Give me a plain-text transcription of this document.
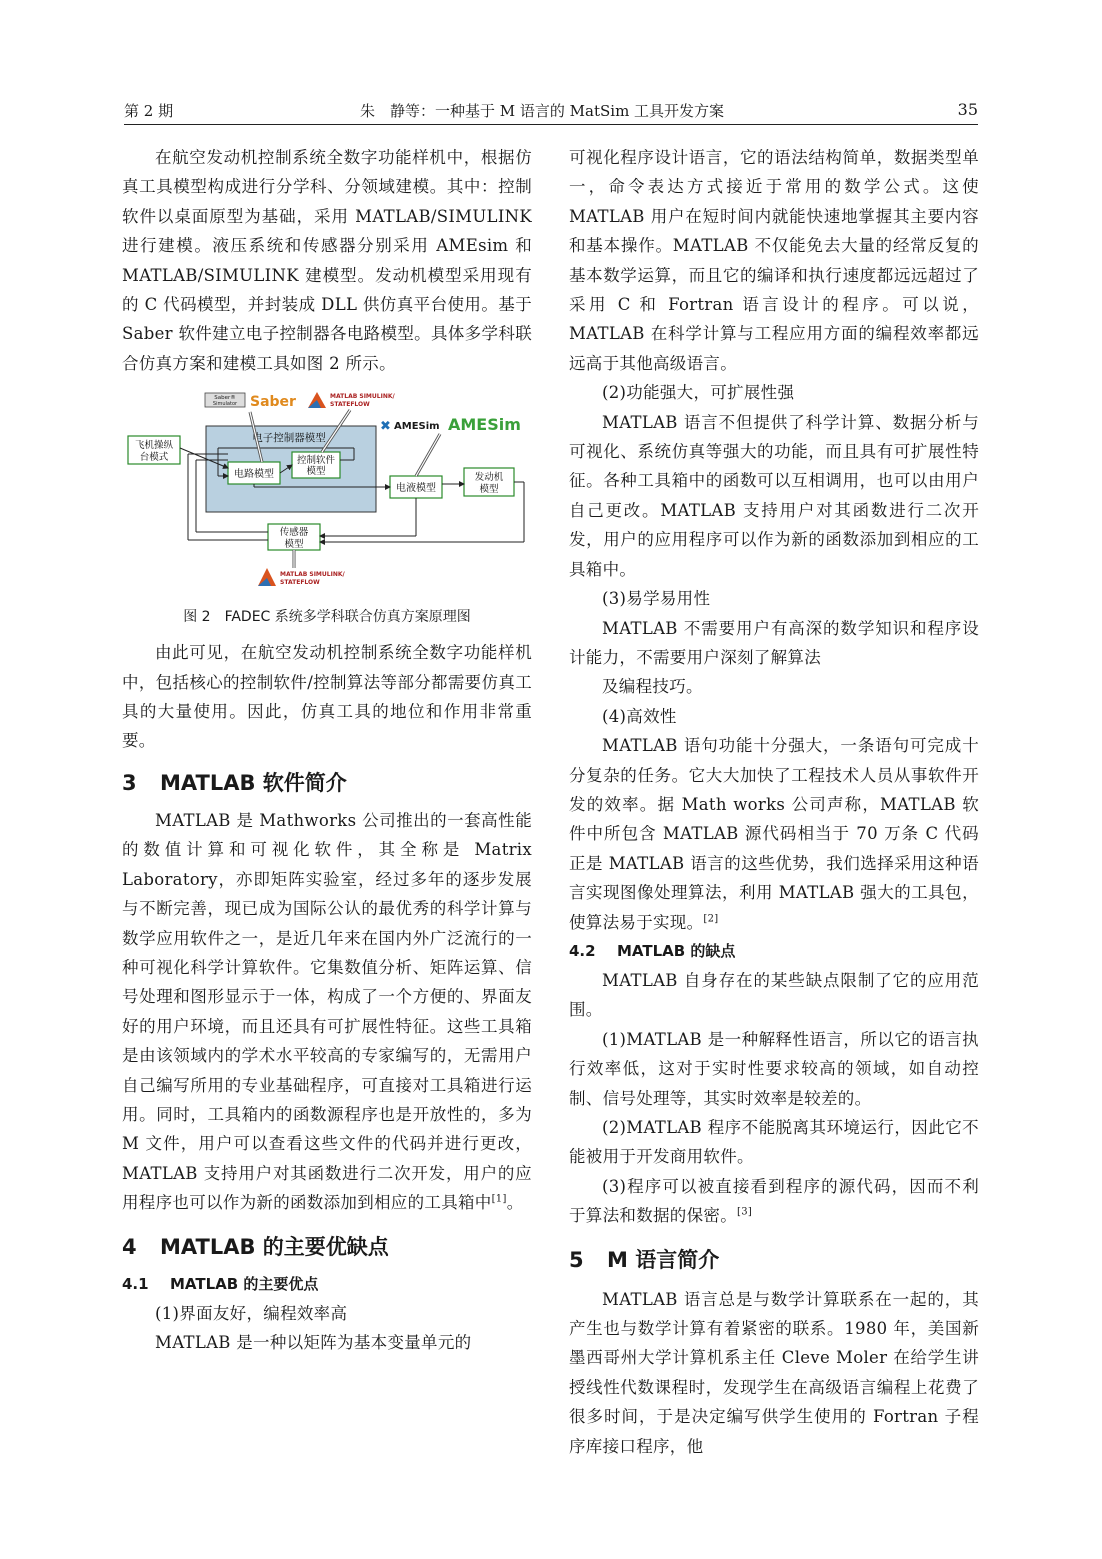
第 2 期	朱　静等：一种基于 M 语言的 MatSim 工具开发方案	35

在航空发动机控制系统全数字功能样机中，根据仿真工具模型构成进行分学科、分领域建模。其中：控制软件以桌面原型为基础，采用 MATLAB/SIMULINK 进行建模。液压系统和传感器分别采用 AMEsim 和 MATLAB/SIMULINK 建模型。发动机模型采用现有的 C 代码模型，并封装成 DLL 供仿真平台使用。基于 Saber 软件建立电子控制器各电路模型。具体多学科联合仿真方案和建模工具如图 2 所示。

Saber®
Simulator Saber	MATLAB SIMULINK/
STATEFLOW
✖ AMESim AMESim
电子控制器模型
飞机操纵
台模式
电路模型
控制软件
模型
电液模型
发动机
模型
传感器
模型
MATLAB SIMULINK/
STATEFLOW
图 2 FADEC 系统多学科联合仿真方案原理图

由此可见，在航空发动机控制系统全数字功能样机中，包括核心的控制软件/控制算法等部分都需要仿真工具的大量使用。因此，仿真工具的地位和作用非常重要。

3 MATLAB 软件简介

MATLAB 是 Mathworks 公司推出的一套高性能的数值计算和可视化软件，其全称是 Matrix Laboratory，亦即矩阵实验室，经过多年的逐步发展与不断完善，现已成为国际公认的最优秀的科学计算与数学应用软件之一，是近几年来在国内外广泛流行的一种可视化科学计算软件。它集数值分析、矩阵运算、信号处理和图形显示于一体，构成了一个方便的、界面友好的用户环境，而且还具有可扩展性特征。这些工具箱是由该领域内的学术水平较高的专家编写的，无需用户自己编写所用的专业基础程序，可直接对工具箱进行运用。同时，工具箱内的函数源程序也是开放性的，多为 M 文件，用户可以查看这些文件的代码并进行更改，MATLAB 支持用户对其函数进行二次开发，用户的应用程序也可以作为新的函数添加到相应的工具箱中[1]。

4 MATLAB 的主要优缺点
4.1 MATLAB 的主要优点

(1)界面友好，编程效率高

MATLAB 是一种以矩阵为基本变量单元的

可视化程序设计语言，它的语法结构简单，数据类型单一，命令表达方式接近于常用的数学公式。这使 MATLAB 用户在短时间内就能快速地掌握其主要内容和基本操作。MATLAB 不仅能免去大量的经常反复的基本数学运算，而且它的编译和执行速度都远远超过了采用 C 和 Fortran 语言设计的程序。可以说，MATLAB 在科学计算与工程应用方面的编程效率都远远高于其他高级语言。

(2)功能强大，可扩展性强

MATLAB 语言不但提供了科学计算、数据分析与可视化、系统仿真等强大的功能，而且具有可扩展性特征。各种工具箱中的函数可以互相调用，也可以由用户自己更改。MATLAB 支持用户对其函数进行二次开发，用户的应用程序可以作为新的函数添加到相应的工具箱中。

(3)易学易用性

MATLAB 不需要用户有高深的数学知识和程序设计能力，不需要用户深刻了解算法

及编程技巧。

(4)高效性

MATLAB 语句功能十分强大，一条语句可完成十分复杂的任务。它大大加快了工程技术人员从事软件开发的效率。据 Math works 公司声称，MATLAB 软件中所包含 MATLAB 源代码相当于 70 万条 C 代码正是 MATLAB 语言的这些优势，我们选择采用这种语言实现图像处理算法，利用 MATLAB 强大的工具包，使算法易于实现。[2]

4.2 MATLAB 的缺点

MATLAB 自身存在的某些缺点限制了它的应用范围。

(1)MATLAB 是一种解释性语言，所以它的语言执行效率低，这对于实时性要求较高的领域，如自动控制、信号处理等，其实时效率是较差的。

(2)MATLAB 程序不能脱离其环境运行，因此它不能被用于开发商用软件。

(3)程序可以被直接看到程序的源代码，因而不利于算法和数据的保密。[3]

5 M 语言简介

MATLAB 语言总是与数学计算联系在一起的，其产生也与数学计算有着紧密的联系。1980 年，美国新墨西哥州大学计算机系主任 Cleve Moler 在给学生讲授线性代数课程时，发现学生在高级语言编程上花费了很多时间，于是决定编写供学生使用的 Fortran 子程序库接口程序，他
